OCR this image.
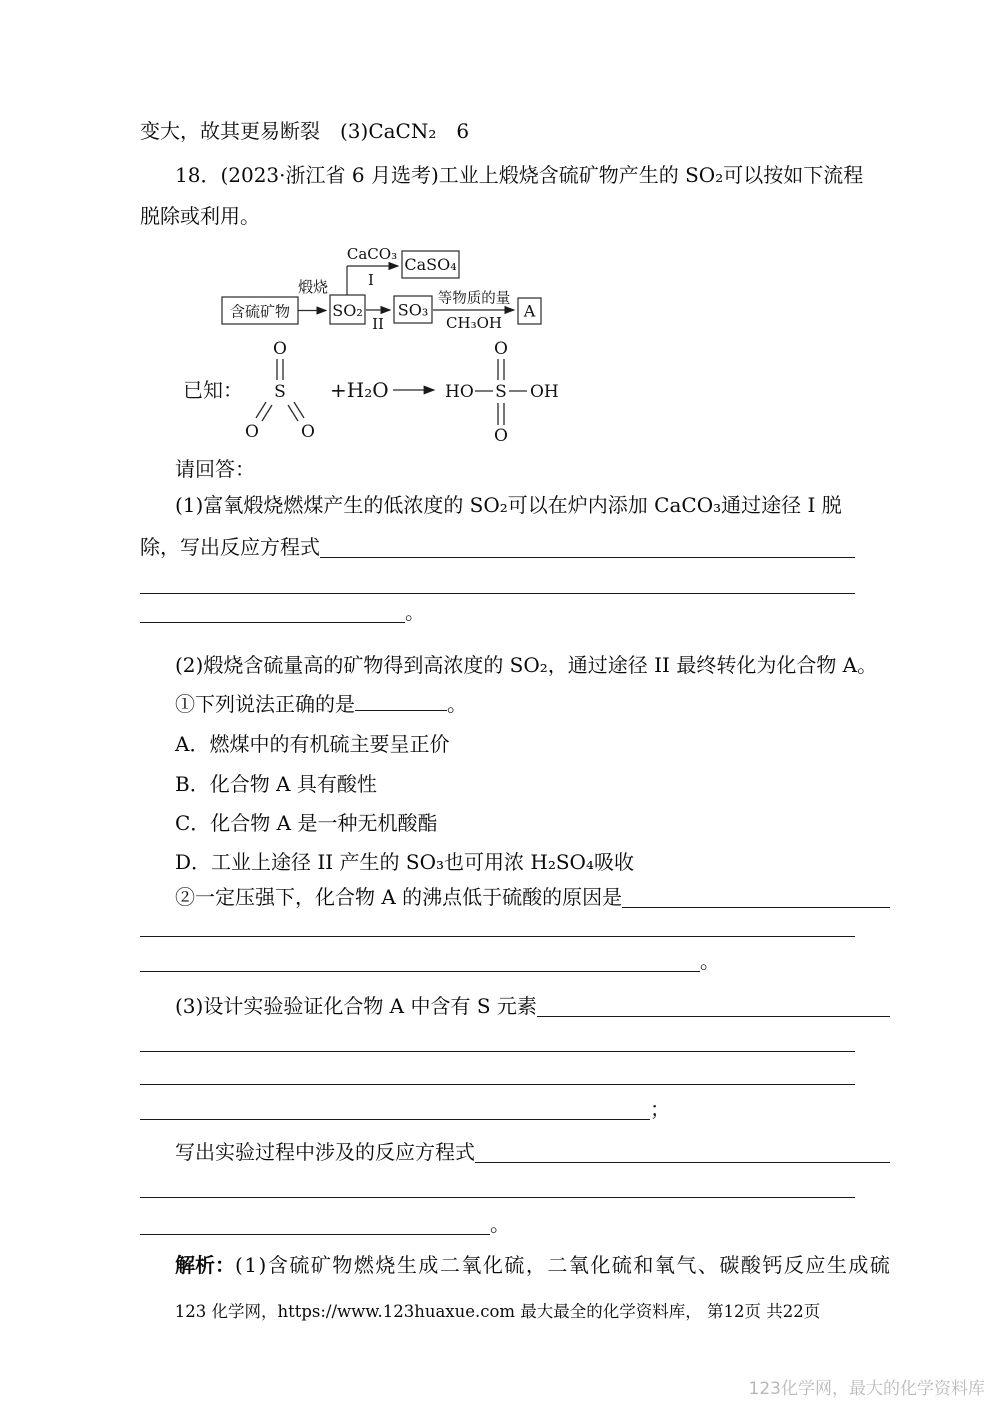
变大，故其更易断裂　(3)CaCN₂　6
18．(2023·浙江省 6 月选考)工业上煅烧含硫矿物产生的 SO₂可以按如下流程
脱除或利用。
含硫矿物
煅烧
SO₂
CaCO₃
I
CaSO₄
II
SO₃
等物质的量
CH₃OH
A
已知：
O
S
O O
+H₂O	HO S OH
O
O
请回答：
(1)富氧煅烧燃煤产生的低浓度的 SO₂可以在炉内添加 CaCO₃通过途径 I 脱
除，写出反应方程式
。
(2)煅烧含硫量高的矿物得到高浓度的 SO₂，通过途径 II 最终转化为化合物 A。
①下列说法正确的是	。
A．燃煤中的有机硫主要呈正价
B．化合物 A 具有酸性
C．化合物 A 是一种无机酸酯
D．工业上途径 II 产生的 SO₃也可用浓 H₂SO₄吸收
②一定压强下，化合物 A 的沸点低于硫酸的原因是
。
(3)设计实验验证化合物 A 中含有 S 元素
；
写出实验过程中涉及的反应方程式
。
解析：(1)含硫矿物燃烧生成二氧化硫，二氧化硫和氧气、碳酸钙反应生成硫
123 化学网，https://www.123huaxue.com 最大最全的化学资料库， 第12页 共22页
123化学网，最大的化学资料库
